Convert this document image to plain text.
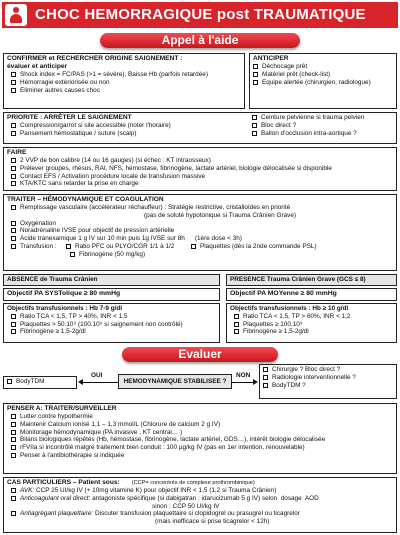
CHOC HEMORRAGIQUE post TRAUMATIQUE
Appel à l'aide
CONFIRMER et RECHERCHER ORIGINE SAIGNEMENT : évaluer et anticiper
Shock index = FC/PAS (>1 = sévère), Baisse Hb (parfois retardée)
Hémorragie extériorisée ou non
Eliminer autres causes choc
ANTICIPER
Déchocage prêt
Matériel prêt (check-list)
Equipe alertée (chirurgien, radiologue)
PRIORITE : ARRÊTER LE SAIGNEMENT
Compression/garrot si site accessible (noter l'horaire)
Pansement hémostatique / suture (scalp)
Ceinture pelvienne si trauma pelvien
Bloc direct ?
Ballon d'occlusion intra-aortique ?
FAIRE
2 VVP de bon calibre (14 ou 16 gauges) (si échec : KT intraosseux)
Prélever groupes, rhésus, RAI, NFS, hémostase, fibrinogène, lactate artériel, biologie délocalisée si disponible
Contact EFS / Activation procédure locale de transfusion massive
KTA/KTC sans retarder la prise en charge
TRAITER – HÉMODYNAMIQUE ET COAGULATION
Remplissage vasculaire (accélérateur réchauffeur) : Stratégie restrictive, cristalloïdes en priorité
(pas de soluté hypotonique si Trauma Crânien Grave)
Oxygénation
Noradrénaline IVSE pour objectif de pression artérielle
Acide tranexamique 1 g IV sur 10 min puis 1g IVSE sur 8h (1ère dose < 3h)
Transfusion :	Ratio PFC ou PLYO/CGR 1/1 à 1/2	Plaquettes (dès la 2nde commande PSL)
Fibrinogène (50 mg/kg)
ABSENCE de Trauma Crânien
Objectif PA SYSTolique ≥ 80 mmHg
Objectifs transfusionnels : Hb 7-9 g/dl
Ratio TCA < 1,5, TP > 40%, INR < 1,5
Plaquettes > 50.10⁹ (100.10⁹ si saignement non contrôlé)
Fibrinogène ≥ 1,5-2g/dl
PRESENCE Trauma Crânien Grave (GCS ≤ 8)
Objectif PA MOYenne ≥ 80 mmHg
Objectifs transfusionnels : Hb ≥ 10 g/dl
Ratio TCA < 1,5, TP > 60%, INR < 1,2
Plaquettes ≥ 100.10⁹
Fibrinogène ≥ 1,5-2g/dl
Evaluer
BodyTDM
OUI
HEMODYNAMIQUE STABILISEE ?
NON
Chirurgie ? Bloc direct ?
Radiologie interventionnelle ?
BodyTDM ?
PENSER A: TRAITER/SURVEILLER
Lutter contre hypothermie
Maintenir Calcium ionisé 1,1 – 1,3 mmol/L (Chlorure de calcium 2 g IV)
Monitorage hémodynamique (PA invasive , KT central… )
Bilans biologiques répétés (Hb, hémostase, fibrinogène, lactate artériel, GDS…), intérêt biologie délocalisée
rFVIIa si incontrôlé malgré traitement bien conduit : 100 µg/kg IV (pas en 1er intention, renouvelable)
Penser à l'antibiothérapie si indiquée
CAS PARTICULIERS – Patient sous: (CCP= concentrés de complexe prothrombinique)
AVK: CCP 25 UI/kg IV (+ 10mg vitamine K) pour objectif INR < 1,5 (1,2 si Trauma Crânien)
Anticoagulant oral direct: antagoniste spécifique (si dabigatran : idarucizumab 5 g IV) selon  dosage  AOD
sinon : CCP 50 UI/kg IV
Antiagrégant plaquettaire: Discuter transfusion plaquettaire si clopidogrel ou prasugrel ou ticagrelor
(mais inefficace si prise ticagrelor < 12h)
